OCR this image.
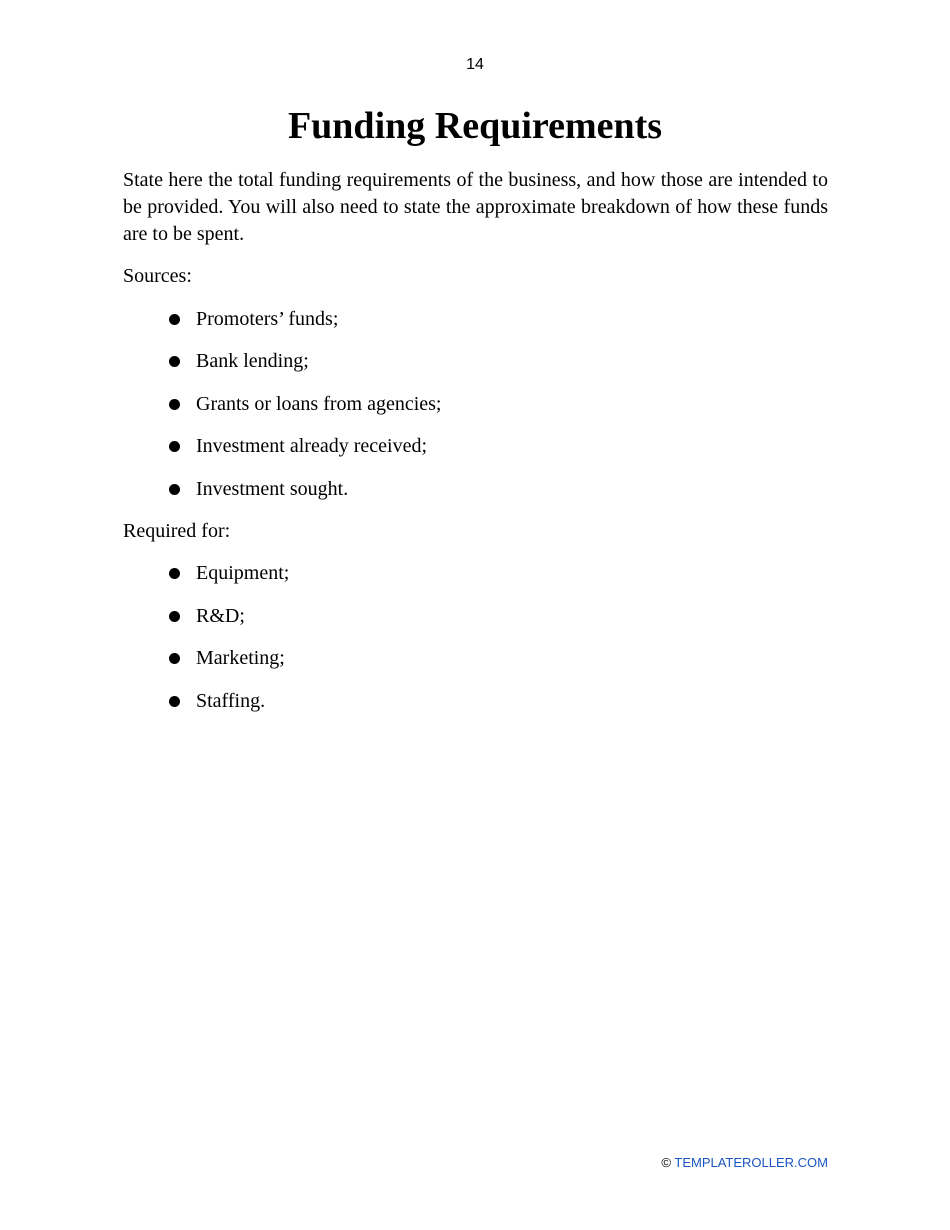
14
Funding Requirements

State here the total funding requirements of the business, and how those are intended to be provided. You will also need to state the approximate breakdown of how these funds are to be spent.

Sources:

Promoters’ funds;
Bank lending;
Grants or loans from agencies;
Investment already received;
Investment sought.

Required for:

Equipment;
R&D;
Marketing;
Staffing.
© TEMPLATEROLLER.COM
